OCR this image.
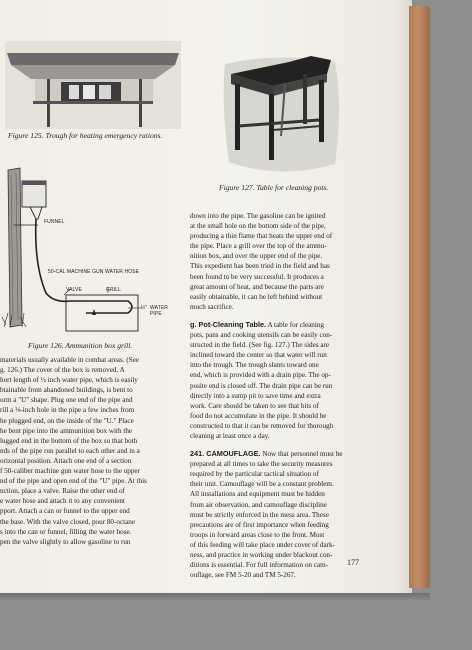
Figure 125. Trough for heating emergency rations.
Figure 127. Table for cleaning pots.
FUNNEL
50-CAL MACHINE GUN WATER HOSE
VALVE	GRILL
½" WATER
PIPE
Figure 126. Ammunition box grill.

materials usually available in combat areas. (See

g. 126.) The cover of the box is removed. A

hort length of ½ inch water pipe, which is easily

btainable from abandoned buildings, is bent to

orm a "U" shape. Plug one end of the pipe and

rill a ⅛-inch hole in the pipe a few inches from

he plugged end, on the inside of the "U." Place

he bent pipe into the ammunition box with the

lugged end in the bottom of the box so that both

nds of the pipe run parallel to each other and in a

orizontal position. Attach one end of a section

f 50-caliber machine gun water hose to the upper

nd of the pipe and open end of the "U" pipe. At this

nction, place a valve. Raise the other end of

e water hose and attach it to any convenient

pport. Attach a can or funnel to the upper end

the base. With the valve closed, pour 80-octane

s into the can or funnel, filling the water hose.

pen the valve slightly to allow gasoline to run

down into the pipe. The gasoline can be ignited

at the small hole on the bottom side of the pipe,

producing a thin flame that heats the upper end of

the pipe. Place a grill over the top of the ammu-

nition box, and over the upper end of the pipe.

This expedient has been tried in the field and has

been found to be very successful. It produces a

great amount of heat, and because the parts are

easily obtainable, it can be left behind without

much sacrifice.

g. Pot-Cleaning Table. A table for cleaning

pots, pans and cooking utensils can be easily con-

structed in the field. (See fig. 127.) The sides are

inclined toward the center so that water will run

into the trough. The trough slants toward one

end, which is provided with a drain pipe. The op-

posite end is closed off. The drain pipe can be run

directly into a sump pit to save time and extra

work. Care should be taken to see that bits of

food do not accumulate in the pipe. It should be

constructed to that it can be removed for thorough

cleaning at least once a day.

241. CAMOUFLAGE. Now that personnel must be

prepared at all times to take the security measures

required by the particular tactical situation of

their unit. Camouflage will be a constant problem.

All installations and equipment must be hidden

from air observation, and camouflage discipline

must be strictly enforced in the mess area. These

precautions are of first importance when feeding

troops in forward areas close to the front. Most

of this feeding will take place under cover of dark-

ness, and practice in working under blackout con-

ditions is essential. For full information on cam-

ouflage, see FM 5-20 and TM 5-267.

177
